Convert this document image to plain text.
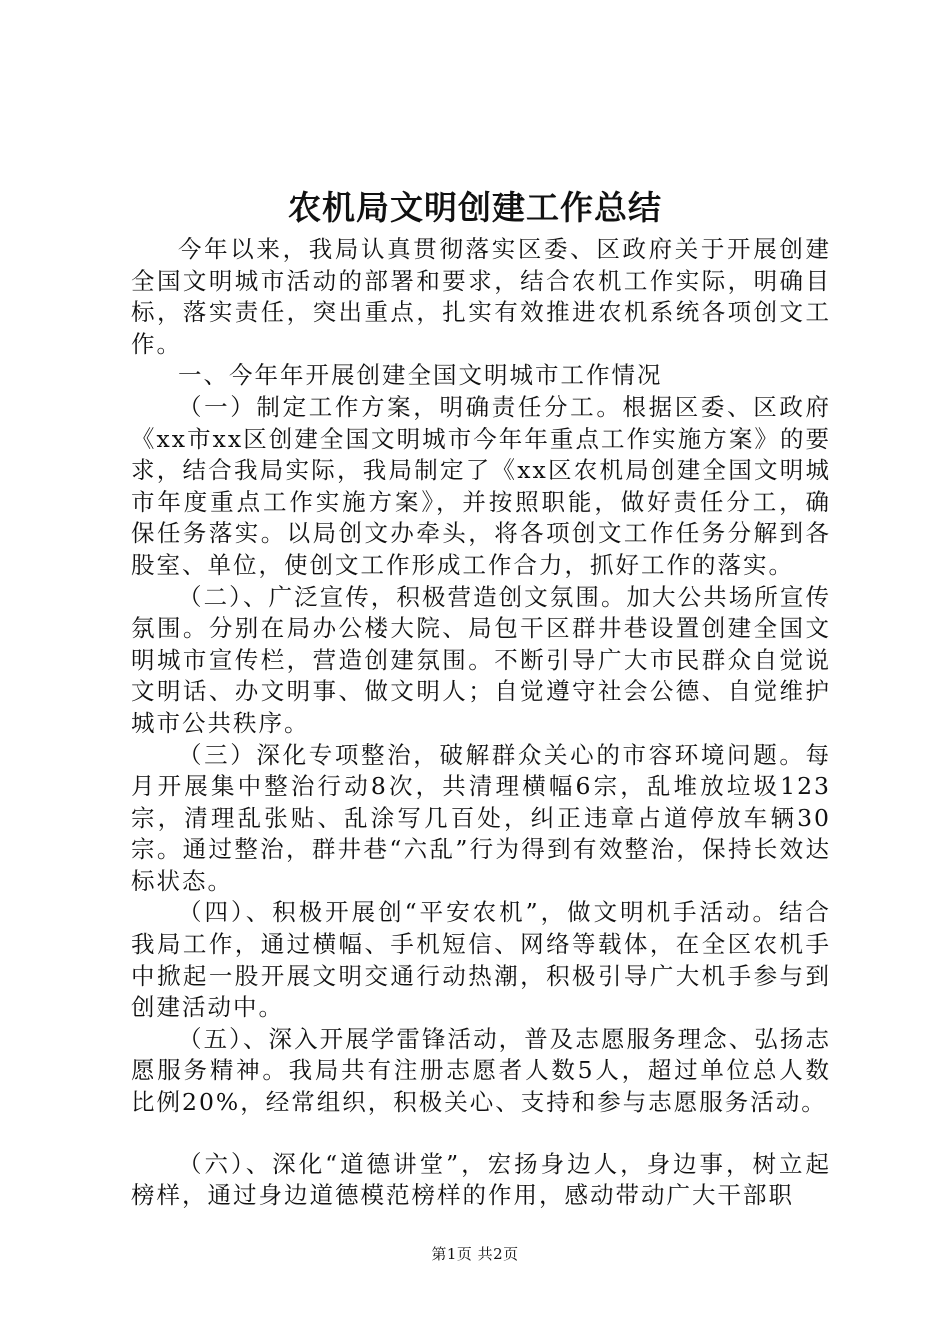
农机局文明创建工作总结

今年以来，我局认真贯彻落实区委、区政府关于开展创建全国文明城市活动的部署和要求，结合农机工作实际，明确目标，落实责任，突出重点，扎实有效推进农机系统各项创文工作。

一、今年年开展创建全国文明城市工作情况

（一）制定工作方案，明确责任分工。根据区委、区政府《xx市xx区创建全国文明城市今年年重点工作实施方案》的要求，结合我局实际，我局制定了《xx区农机局创建全国文明城市年度重点工作实施方案》，并按照职能，做好责任分工，确保任务落实。以局创文办牵头，将各项创文工作任务分解到各股室、单位，使创文工作形成工作合力，抓好工作的落实。

（二）、广泛宣传，积极营造创文氛围。加大公共场所宣传氛围。分别在局办公楼大院、局包干区群井巷设置创建全国文明城市宣传栏，营造创建氛围。不断引导广大市民群众自觉说文明话、办文明事、做文明人；自觉遵守社会公德、自觉维护城市公共秩序。

（三）深化专项整治，破解群众关心的市容环境问题。每月开展集中整治行动8次，共清理横幅6宗，乱堆放垃圾123宗，清理乱张贴、乱涂写几百处，纠正违章占道停放车辆30宗。通过整治，群井巷“六乱”行为得到有效整治，保持长效达标状态。

（四）、积极开展创“平安农机”，做文明机手活动。结合我局工作，通过横幅、手机短信、网络等载体，在全区农机手中掀起一股开展文明交通行动热潮，积极引导广大机手参与到创建活动中。

（五）、深入开展学雷锋活动，普及志愿服务理念、弘扬志愿服务精神。我局共有注册志愿者人数5人，超过单位总人数比例20%，经常组织，积极关心、支持和参与志愿服务活动。

（六）、深化“道德讲堂”，宏扬身边人，身边事，树立起榜样，通过身边道德模范榜样的作用，感动带动广大干部职

第1页 共2页
